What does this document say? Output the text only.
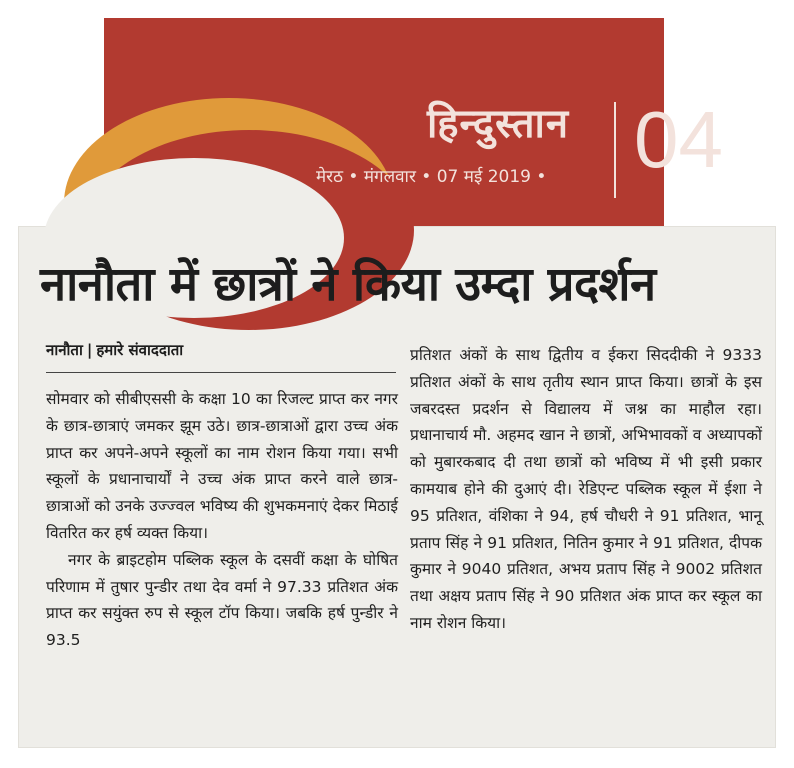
हिन्दुस्तान
मेरठ • मंगलवार • 07 मई 2019 •	04
नानौता में छात्रों ने किया उम्दा प्रदर्शन
नानौता | हमारे संवाददाता

सोमवार को सीबीएससी के कक्षा 10 का रिजल्ट प्राप्त कर नगर के छात्र-छात्राएं जमकर झूम उठे। छात्र-छात्राओं द्वारा उच्च अंक प्राप्त कर अपने-अपने स्कूलों का नाम रोशन किया गया। सभी स्कूलों के प्रधानाचार्यों ने उच्च अंक प्राप्त करने वाले छात्र-छात्राओं को उनके उज्ज्वल भविष्य की शुभकमनाएं देकर मिठाई वितरित कर हर्ष व्यक्त किया।

नगर के ब्राइटहोम पब्लिक स्कूल के दसवीं कक्षा के घोषित परिणाम में तुषार पुन्डीर तथा देव वर्मा ने 97.33 प्रतिशत अंक प्राप्त कर सयुंक्त रुप से स्कूल टॉप किया। जबकि हर्ष पुन्डीर ने 93.5

प्रतिशत अंकों के साथ द्वितीय व ईकरा सिददीकी ने 9333 प्रतिशत अंकों के साथ तृतीय स्थान प्राप्त किया। छात्रों के इस जबरदस्त प्रदर्शन से विद्यालय में जश्न का माहौल रहा। प्रधानाचार्य मौ. अहमद खान ने छात्रों, अभिभावकों व अध्यापकों को मुबारकबाद दी तथा छात्रों को भविष्य में भी इसी प्रकार कामयाब होने की दुआएं दी। रेडिएन्ट पब्लिक स्कूल में ईशा ने 95 प्रतिशत, वंशिका ने 94, हर्ष चौधरी ने 91 प्रतिशत, भानू प्रताप सिंह ने 91 प्रतिशत, नितिन कुमार ने 91 प्रतिशत, दीपक कुमार ने 9040 प्रतिशत, अभय प्रताप सिंह ने 9002 प्रतिशत तथा अक्षय प्रताप सिंह ने 90 प्रतिशत अंक प्राप्त कर स्कूल का नाम रोशन किया।
